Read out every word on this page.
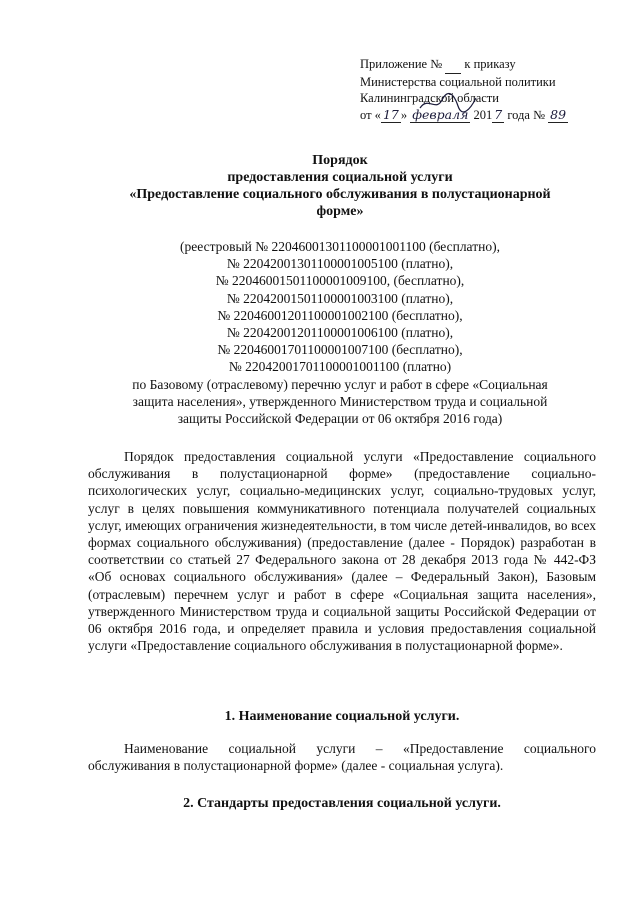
Приложение № к приказу
Министерства социальной политики
Калининградской области
от « 17 » февраля 201 7 года № 89
Порядок
предоставления социальной услуги
«Предоставление социального обслуживания в полустационарной
форме»
(реестровый № 22046001301100001001100 (бесплатно),
№ 22042001301100001005100 (платно),
№ 22046001501100001009100, (бесплатно),
№ 22042001501100001003100 (платно),
№ 22046001201100001002100 (бесплатно),
№ 22042001201100001006100 (платно),
№ 22046001701100001007100 (бесплатно),
№ 22042001701100001001100 (платно)
по Базовому (отраслевому) перечню услуг и работ в сфере «Социальная
защита населения», утвержденного Министерством труда и социальной
защиты Российской Федерации от 06 октября 2016 года)
Порядок предоставления социальной услуги «Предоставление социального обслуживания в полустационарной форме» (предоставление социально-психологических услуг, социально-медицинских услуг, социально-трудовых услуг, услуг в целях повышения коммуникативного потенциала получателей социальных услуг, имеющих ограничения жизнедеятельности, в том числе детей-инвалидов, во всех формах социального обслуживания) (предоставление (далее - Порядок) разработан в соответствии со статьей 27 Федерального закона от 28 декабря 2013 года № 442-ФЗ «Об основах социального обслуживания» (далее – Федеральный Закон), Базовым (отраслевым) перечнем услуг и работ в сфере «Социальная защита населения», утвержденного Министерством труда и социальной защиты Российской Федерации от 06 октября 2016 года, и определяет правила и условия предоставления социальной услуги «Предоставление социального обслуживания в полустационарной форме».
1. Наименование социальной услуги.
Наименование социальной услуги – «Предоставление социального обслуживания в полустационарной форме» (далее - социальная услуга).
2. Стандарты предоставления социальной услуги.
